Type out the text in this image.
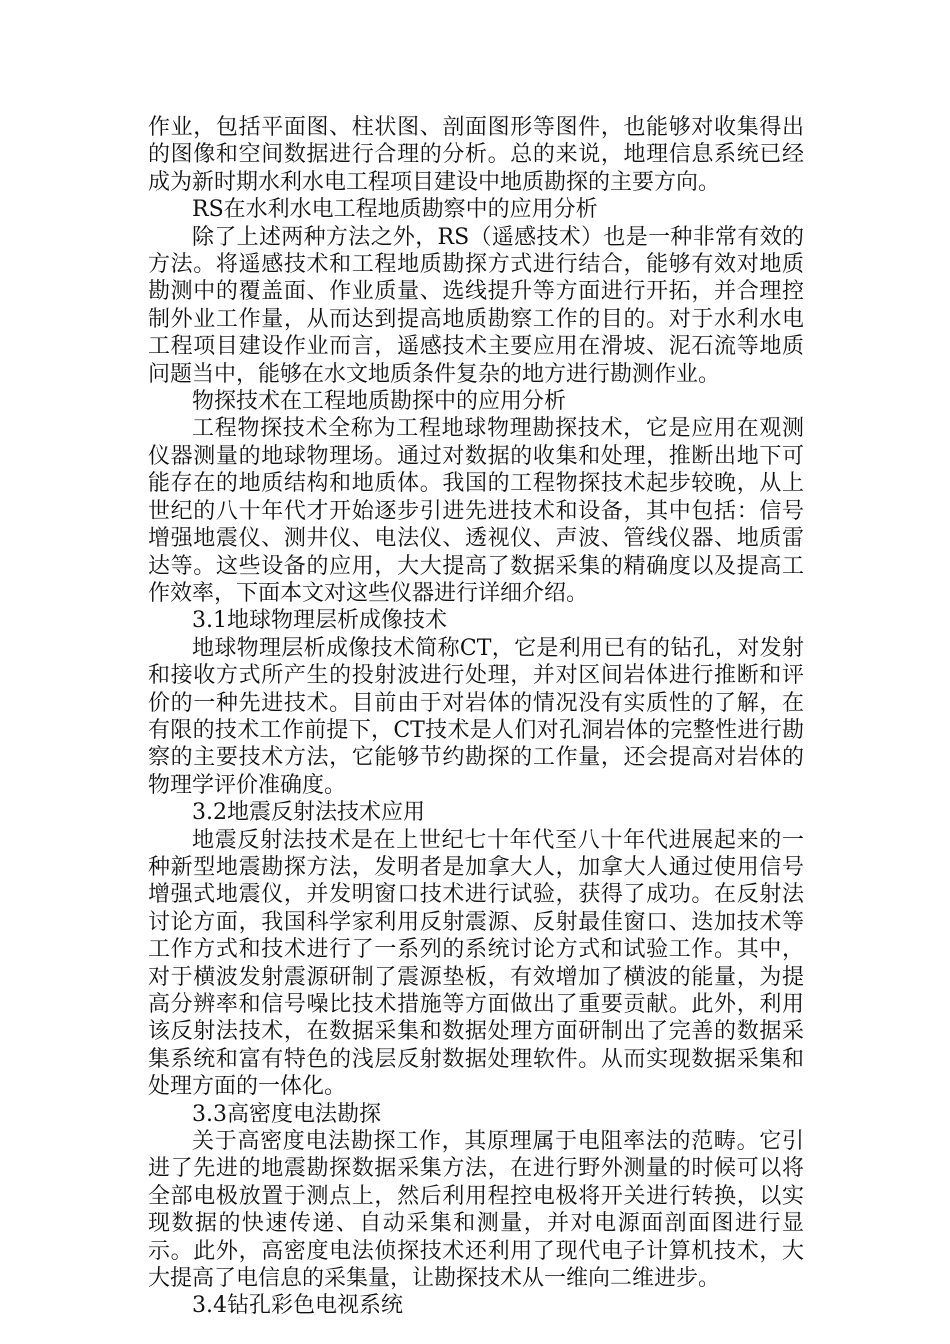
作业，包括平面图、柱状图、剖面图形等图件，也能够对收集得出的图像和空间数据进行合理的分析。总的来说，地理信息系统已经成为新时期水利水电工程项目建设中地质勘探的主要方向。

RS在水利水电工程地质勘察中的应用分析

除了上述两种方法之外，RS（遥感技术）也是一种非常有效的方法。将遥感技术和工程地质勘探方式进行结合，能够有效对地质勘测中的覆盖面、作业质量、选线提升等方面进行开拓，并合理控制外业工作量，从而达到提高地质勘察工作的目的。对于水利水电工程项目建设作业而言，遥感技术主要应用在滑坡、泥石流等地质问题当中，能够在水文地质条件复杂的地方进行勘测作业。

物探技术在工程地质勘探中的应用分析

工程物探技术全称为工程地球物理勘探技术，它是应用在观测仪器测量的地球物理场。通过对数据的收集和处理，推断出地下可能存在的地质结构和地质体。我国的工程物探技术起步较晚，从上世纪的八十年代才开始逐步引进先进技术和设备，其中包括：信号增强地震仪、测井仪、电法仪、透视仪、声波、管线仪器、地质雷达等。这些设备的应用，大大提高了数据采集的精确度以及提高工作效率，下面本文对这些仪器进行详细介绍。

3.1地球物理层析成像技术

地球物理层析成像技术简称CT，它是利用已有的钻孔，对发射和接收方式所产生的投射波进行处理，并对区间岩体进行推断和评价的一种先进技术。目前由于对岩体的情况没有实质性的了解，在有限的技术工作前提下，CT技术是人们对孔洞岩体的完整性进行勘察的主要技术方法，它能够节约勘探的工作量，还会提高对岩体的物理学评价准确度。

3.2地震反射法技术应用

地震反射法技术是在上世纪七十年代至八十年代进展起来的一种新型地震勘探方法，发明者是加拿大人，加拿大人通过使用信号增强式地震仪，并发明窗口技术进行试验，获得了成功。在反射法讨论方面，我国科学家利用反射震源、反射最佳窗口、迭加技术等工作方式和技术进行了一系列的系统讨论方式和试验工作。其中，对于横波发射震源研制了震源垫板，有效增加了横波的能量，为提高分辨率和信号噪比技术措施等方面做出了重要贡献。此外，利用该反射法技术，在数据采集和数据处理方面研制出了完善的数据采集系统和富有特色的浅层反射数据处理软件。从而实现数据采集和处理方面的一体化。

3.3高密度电法勘探

关于高密度电法勘探工作，其原理属于电阻率法的范畴。它引进了先进的地震勘探数据采集方法，在进行野外测量的时候可以将全部电极放置于测点上，然后利用程控电极将开关进行转换，以实现数据的快速传递、自动采集和测量，并对电源面剖面图进行显示。此外，高密度电法侦探技术还利用了现代电子计算机技术，大大提高了电信息的采集量，让勘探技术从一维向二维进步。

3.4钻孔彩色电视系统
